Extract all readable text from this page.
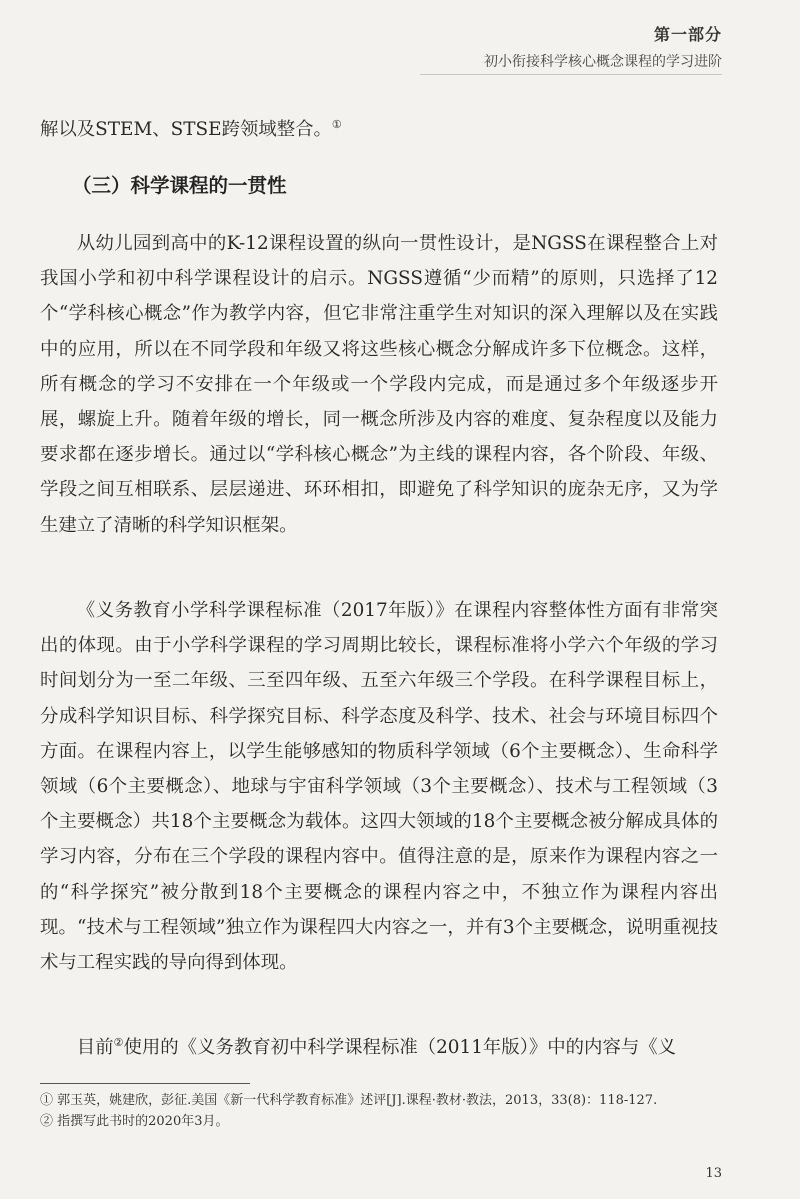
第一部分
初小衔接科学核心概念课程的学习进阶

解以及STEM、STSE跨领域整合。①

（三）科学课程的一贯性

从幼儿园到高中的K-12课程设置的纵向一贯性设计，是NGSS在课程整合上对我国小学和初中科学课程设计的启示。NGSS遵循“少而精”的原则，只选择了12个“学科核心概念”作为教学内容，但它非常注重学生对知识的深入理解以及在实践中的应用，所以在不同学段和年级又将这些核心概念分解成许多下位概念。这样，所有概念的学习不安排在一个年级或一个学段内完成，而是通过多个年级逐步开展，螺旋上升。随着年级的增长，同一概念所涉及内容的难度、复杂程度以及能力要求都在逐步增长。通过以“学科核心概念”为主线的课程内容，各个阶段、年级、学段之间互相联系、层层递进、环环相扣，即避免了科学知识的庞杂无序，又为学生建立了清晰的科学知识框架。

《义务教育小学科学课程标准（2017年版）》在课程内容整体性方面有非常突出的体现。由于小学科学课程的学习周期比较长，课程标准将小学六个年级的学习时间划分为一至二年级、三至四年级、五至六年级三个学段。在科学课程目标上，分成科学知识目标、科学探究目标、科学态度及科学、技术、社会与环境目标四个方面。在课程内容上，以学生能够感知的物质科学领域（6个主要概念）、生命科学领域（6个主要概念）、地球与宇宙科学领域（3个主要概念）、技术与工程领域（3个主要概念）共18个主要概念为载体。这四大领域的18个主要概念被分解成具体的学习内容，分布在三个学段的课程内容中。值得注意的是，原来作为课程内容之一的“科学探究”被分散到18个主要概念的课程内容之中，不独立作为课程内容出现。“技术与工程领域”独立作为课程四大内容之一，并有3个主要概念，说明重视技术与工程实践的导向得到体现。

目前②使用的《义务教育初中科学课程标准（2011年版）》中的内容与《义

① 郭玉英，姚建欣，彭征.美国《新一代科学教育标准》述评[J].课程·教材·教法，2013，33(8)：118-127.
② 指撰写此书时的2020年3月。
13
